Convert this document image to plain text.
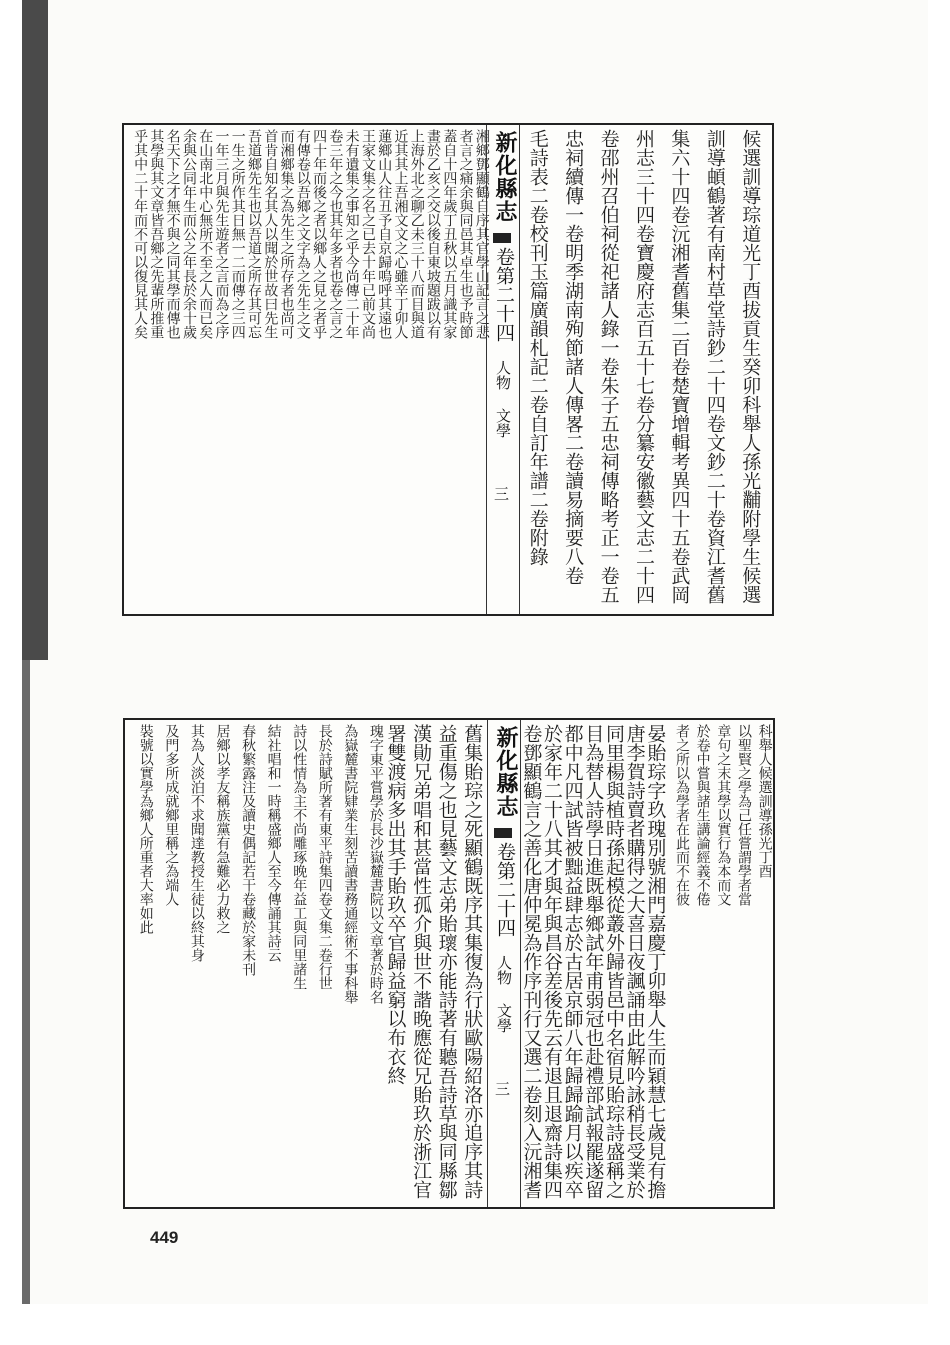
湘鄉鄧顯鶴自序其官學山記言之悲
者言之痛余與同邑其卓生也予時節
蓋自十四年歲丁丑秋以五月識其家
畫於乙亥之交以後自東坡題跋以有
上海外北之聊乙未三十八而目與道
近其其上吾湘文文之心雖辛丁卯人
蓮鄉山人往丑予自京歸嗚呼其遠也
王家文集之名之已去十年已前文尚
未有遺集之事知之乎今尚傳二十年
卷三年之今也其年多者也卷之言之
四十年而後之者以鄉人之見之者乎
有傳卷以吾鄉之文字為之先生之文
而湘鄉集之為先生之所存者也尚可
首肯自知名其人以聞於世故曰先生
吾道鄉先生也以吾道之所存其可忘
一生之所作其日無一二而傳之三四
一年三月與先生遊者之言而為之序
在山南北中心無所不至之人而已矣
余與公同年生而公之年長於余十歲
名天下之才無不與之同其學而傳也
其學與其文章皆吾鄉之先輩所推重
乎其中二十年而不可以復見其人矣	新化縣志
卷第二十四
人物 文學
三	候選訓導琮道光丁酉拔貢生癸卯科舉人孫光黼附學生候選
訓導頔鶴著有南村草堂詩鈔二十四卷文鈔二十卷資江耆舊
集六十四卷沅湘耆舊集二百卷楚寶增輯考異四十五卷武岡
州志三十四卷寶慶府志百五十七卷分纂安徽藝文志二十四
卷邵州召伯祠從祀諸人錄一卷朱子五忠祠傳略考正一卷五
忠祠續傳一卷明季湖南殉節諸人傳畧二卷讀易摘要八卷
毛詩表二卷校刊玉篇廣韻札記二卷自訂年譜二卷附錄
舊集貽琮之死顯鶴既序其集復為行狀歐陽紹洛亦追序其詩
益重傷之也見藝文志弟貽瓌亦能詩著有聽吾詩草與同縣鄒
漢勛兄弟唱和甚當性孤介與世不諧晚應從兄貽玖於浙江官
署雙渡病多出其手貽玖卒官歸益窮以布衣終
瑰字東平嘗學於長沙嶽麓書院以文章著於時名
為嶽麓書院肄業生刻苦讀書務通經術不事科舉
長於詩賦所著有東平詩集四卷文集二卷行世
詩以性情為主不尚雕琢晚年益工與同里諸生
結社唱和一時稱盛鄉人至今傳誦其詩云
春秋繁露注及讀史偶記若干卷藏於家未刊
居鄉以孝友稱族黨有急難必力救之
其為人淡泊不求聞達教授生徒以終其身
及門多所成就鄉里稱之為端人
裝號以實學為鄉人所重者大率如此	新化縣志
卷第二十四
人物 文學
三
科舉人候選訓導孫光丁酉
以聖賢之學為己任嘗謂學者當
章句之末其學以實行為本而文
於卷中嘗與諸生講論經義不倦
者之所以為學者在此而不在彼
晏貽琮字玖瑰別號湘門嘉慶丁卯舉人生而穎慧七歲見有擔
唐李賀詩賣者購得之大喜日夜諷誦由此解吟詠稍長受業於
同里楊與植時孫起模從叢外歸皆邑中名宿見貽琮詩盛稱之
目為替人詩學日進既舉鄉試年甫弱冠也赴禮部試報罷遂留
都中凡四試皆被黜益肆志於古居京師八年歸歸踰月以疾卒
於家年二十八其才與年與昌谷差後先云有退且退齋詩集四
卷鄧顯鶴言之善化唐仲冕為作序刊行又選二卷刻入沅湘耆
449
